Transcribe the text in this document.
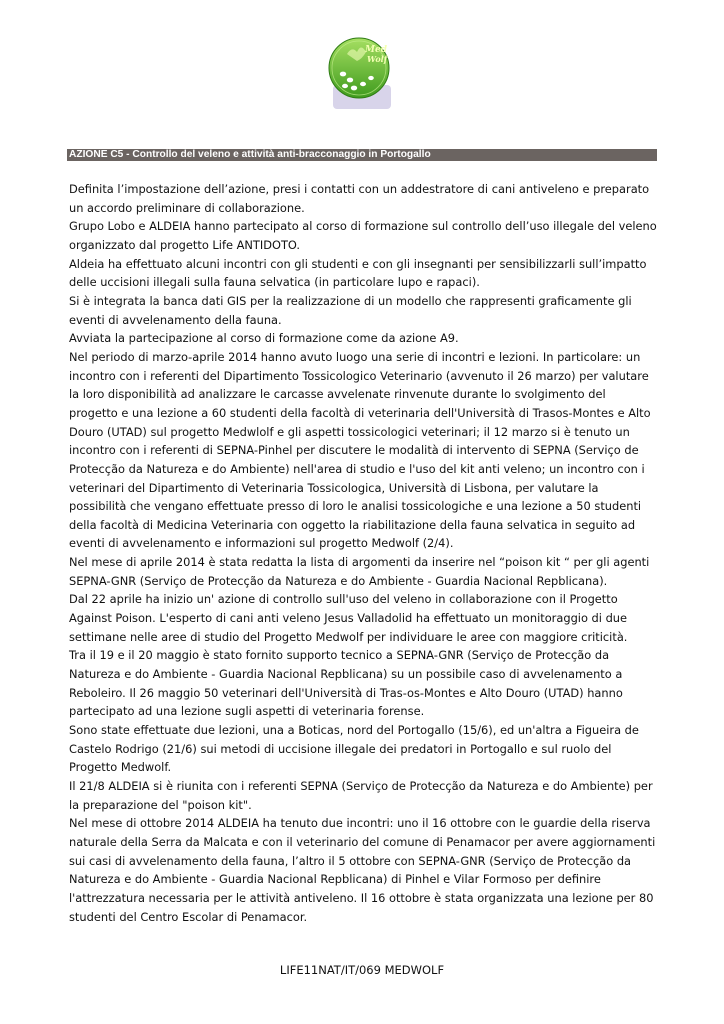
Med
Wolf
AZIONE C5 - Controllo del veleno e attività anti-bracconaggio in Portogallo

Definita l’impostazione dell’azione, presi i contatti con un addestratore di cani antiveleno e preparato un accordo preliminare di collaborazione.

Grupo Lobo e ALDEIA hanno partecipato al corso di formazione sul controllo dell’uso illegale del veleno organizzato dal progetto Life ANTIDOTO.

Aldeia ha effettuato alcuni incontri con gli studenti e con gli insegnanti per sensibilizzarli sull’impatto delle uccisioni illegali sulla fauna selvatica (in particolare lupo e rapaci).

Si è integrata la banca dati GIS per la realizzazione di un modello che rappresenti graficamente gli eventi di avvelenamento della fauna.

Avviata la partecipazione al corso di formazione come da azione A9.

Nel periodo di marzo-aprile 2014 hanno avuto luogo una serie di incontri e lezioni. In particolare: un incontro con i referenti del Dipartimento Tossicologico Veterinario (avvenuto il 26 marzo) per valutare la loro disponibilità ad analizzare le carcasse avvelenate rinvenute durante lo svolgimento del progetto e una lezione a 60 studenti della facoltà di veterinaria dell'Università di Trasos-Montes e Alto Douro (UTAD) sul progetto Medwlolf e gli aspetti tossicologici veterinari; il 12 marzo si è tenuto un incontro con i referenti di SEPNA-Pinhel per discutere le modalità di intervento di SEPNA (Serviço de Protecção da Natureza e do Ambiente) nell'area di studio e l'uso del kit anti veleno; un incontro con i veterinari del Dipartimento di Veterinaria Tossicologica, Università di Lisbona, per valutare la possibilità che vengano effettuate presso di loro le analisi tossicologiche e una lezione a 50 studenti della facoltà di Medicina Veterinaria con oggetto la riabilitazione della fauna selvatica in seguito ad eventi di avvelenamento e informazioni sul progetto Medwolf (2/4).

Nel mese di aprile 2014 è stata redatta la lista di argomenti da inserire nel “poison kit “ per gli agenti SEPNA-GNR (Serviço de Protecção da Natureza e do Ambiente - Guardia Nacional Repblicana).

Dal 22 aprile ha inizio un' azione di controllo sull'uso del veleno in collaborazione con il Progetto Against Poison. L'esperto di cani anti veleno Jesus Valladolid ha effettuato un monitoraggio di due settimane nelle aree di studio del Progetto Medwolf per individuare le aree con maggiore criticità.

Tra il 19 e il 20 maggio è stato fornito supporto tecnico a SEPNA-GNR (Serviço de Protecção da Natureza e do Ambiente - Guardia Nacional Repblicana) su un possibile caso di avvelenamento a Reboleiro. Il 26 maggio 50 veterinari dell'Università di Tras-os-Montes e Alto Douro (UTAD) hanno partecipato ad una lezione sugli aspetti di veterinaria forense.

Sono state effettuate due lezioni, una a Boticas, nord del Portogallo (15/6), ed un'altra a Figueira de Castelo Rodrigo (21/6) sui metodi di uccisione illegale dei predatori in Portogallo e sul ruolo del Progetto Medwolf.

Il 21/8 ALDEIA si è riunita con i referenti SEPNA (Serviço de Protecção da Natureza e do Ambiente) per la preparazione del "poison kit".

Nel mese di ottobre 2014 ALDEIA ha tenuto due incontri: uno il 16 ottobre con le guardie della riserva naturale della Serra da Malcata e con il veterinario del comune di Penamacor per avere aggiornamenti sui casi di avvelenamento della fauna, l’altro il 5 ottobre con SEPNA-GNR (Serviço de Protecção da Natureza e do Ambiente - Guardia Nacional Repblicana) di Pinhel e Vilar Formoso per definire l'attrezzatura necessaria per le attività antiveleno. Il 16 ottobre è stata organizzata una lezione per 80 studenti del Centro Escolar di Penamacor.

LIFE11NAT/IT/069 MEDWOLF
